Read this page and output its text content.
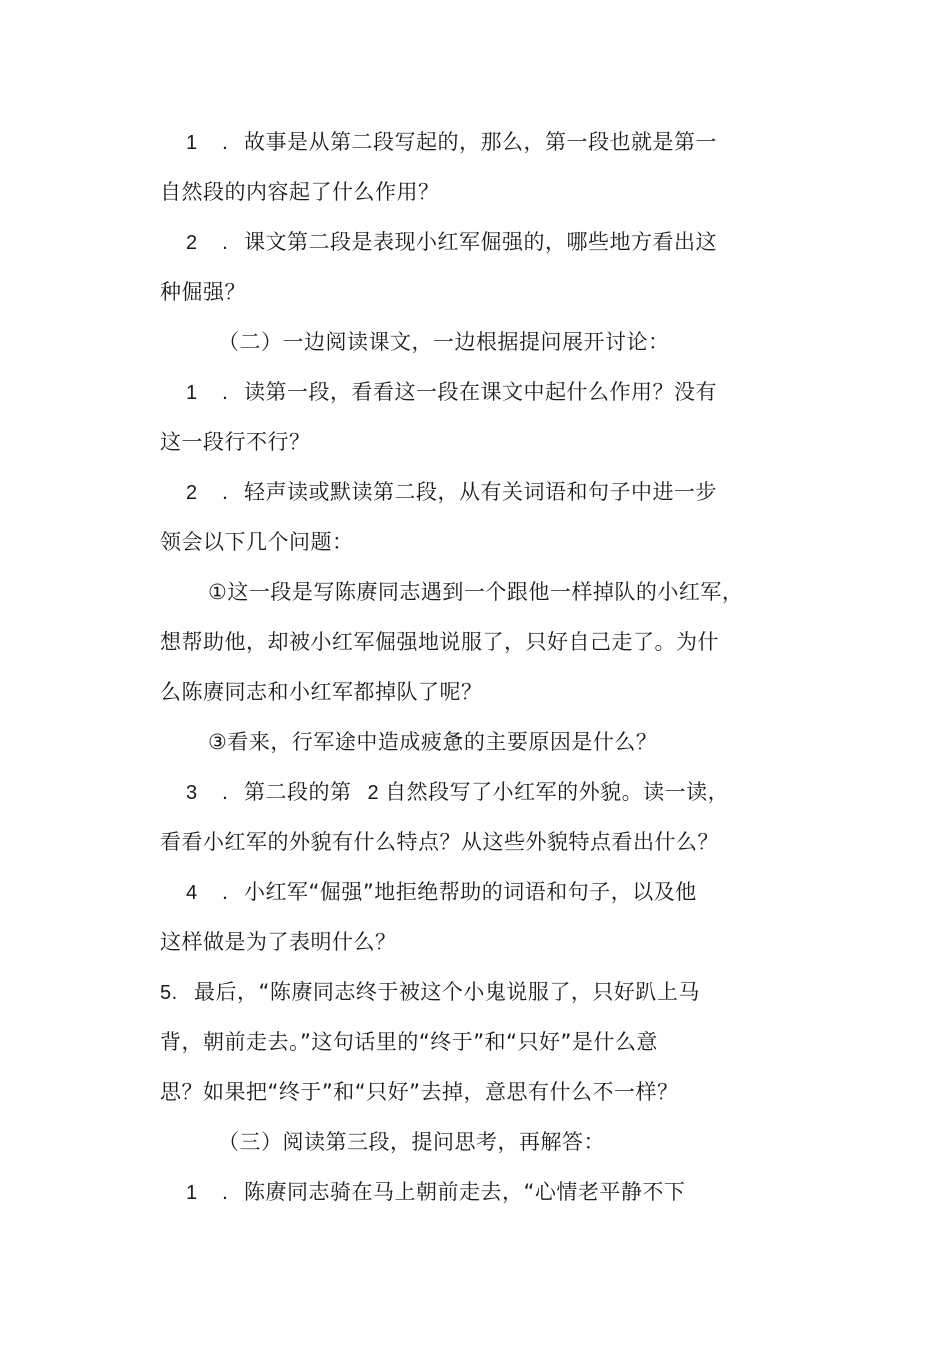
1 . 故事是从第二段写起的，那么，第一段也就是第一
自然段的内容起了什么作用？
2 . 课文第二段是表现小红军倔强的，哪些地方看出这
种倔强？
（二）一边阅读课文，一边根据提问展开讨论：
1 . 读第一段，看看这一段在课文中起什么作用？没有
这一段行不行？
2 . 轻声读或默读第二段，从有关词语和句子中进一步
领会以下几个问题：
①这一段是写陈赓同志遇到一个跟他一样掉队的小红军，
想帮助他，却被小红军倔强地说服了，只好自己走了。为什
么陈赓同志和小红军都掉队了呢？
③看来，行军途中造成疲惫的主要原因是什么？
3 . 第二段的第 2 自然段写了小红军的外貌。读一读，
看看小红军的外貌有什么特点？从这些外貌特点看出什么？
4 . 小红军“倔强”地拒绝帮助的词语和句子，以及他
这样做是为了表明什么？
5. 最后，“陈赓同志终于被这个小鬼说服了，只好趴上马
背，朝前走去。”这句话里的“终于”和“只好”是什么意
思？如果把“终于”和“只好”去掉，意思有什么不一样？
（三）阅读第三段，提问思考，再解答：
1 . 陈赓同志骑在马上朝前走去，“心情老平静不下
